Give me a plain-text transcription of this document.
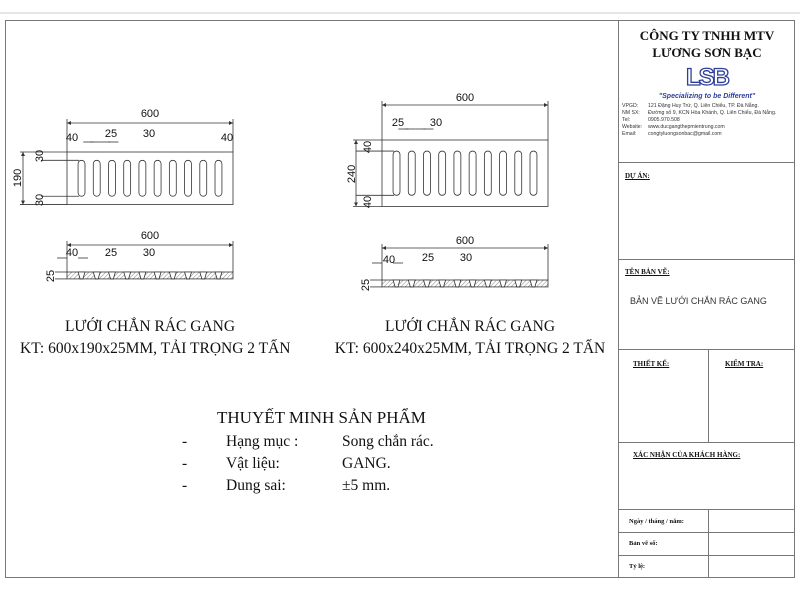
600
40 25 30	40
190
30
30
600
40 25 30
25
600
25 30
240
40
40
600
40 25 30
25
LƯỚI CHẮN RÁC GANG
KT: 600x190x25MM, TẢI TRỌNG 2 TẤN
LƯỚI CHẮN RÁC GANG
KT: 600x240x25MM, TẢI TRỌNG 2 TẤN
THUYẾT MINH SẢN PHẨM
-	Hạng mục :	Song chắn rác.
-	Vật liệu:	GANG.
-	Dung sai:	±5 mm.
CÔNG TY TNHH MTV
LƯƠNG SƠN BẠC
LSB
"Specializing to be Different"
VPGD: 121 Đặng Huy Trứ, Q. Liên Chiểu, TP. Đà Nẵng.
NM SX: Đường số 9, KCN Hòa Khánh, Q. Liên Chiểu, Đà Nẵng.
Tel:	0905.970.508
Website: www.ducgangthepmientrung.com
Email: congtyluongsonbac@gmail.com
DỰ ÁN:
TÊN BẢN VẼ:
BẢN VẼ LƯỚI CHẮN RÁC GANG
THIẾT KẾ:	KIỂM TRA:
XÁC NHẬN CỦA KHÁCH HÀNG:
Ngày / tháng / năm:
Bản vẽ số:
Tỷ lệ:
